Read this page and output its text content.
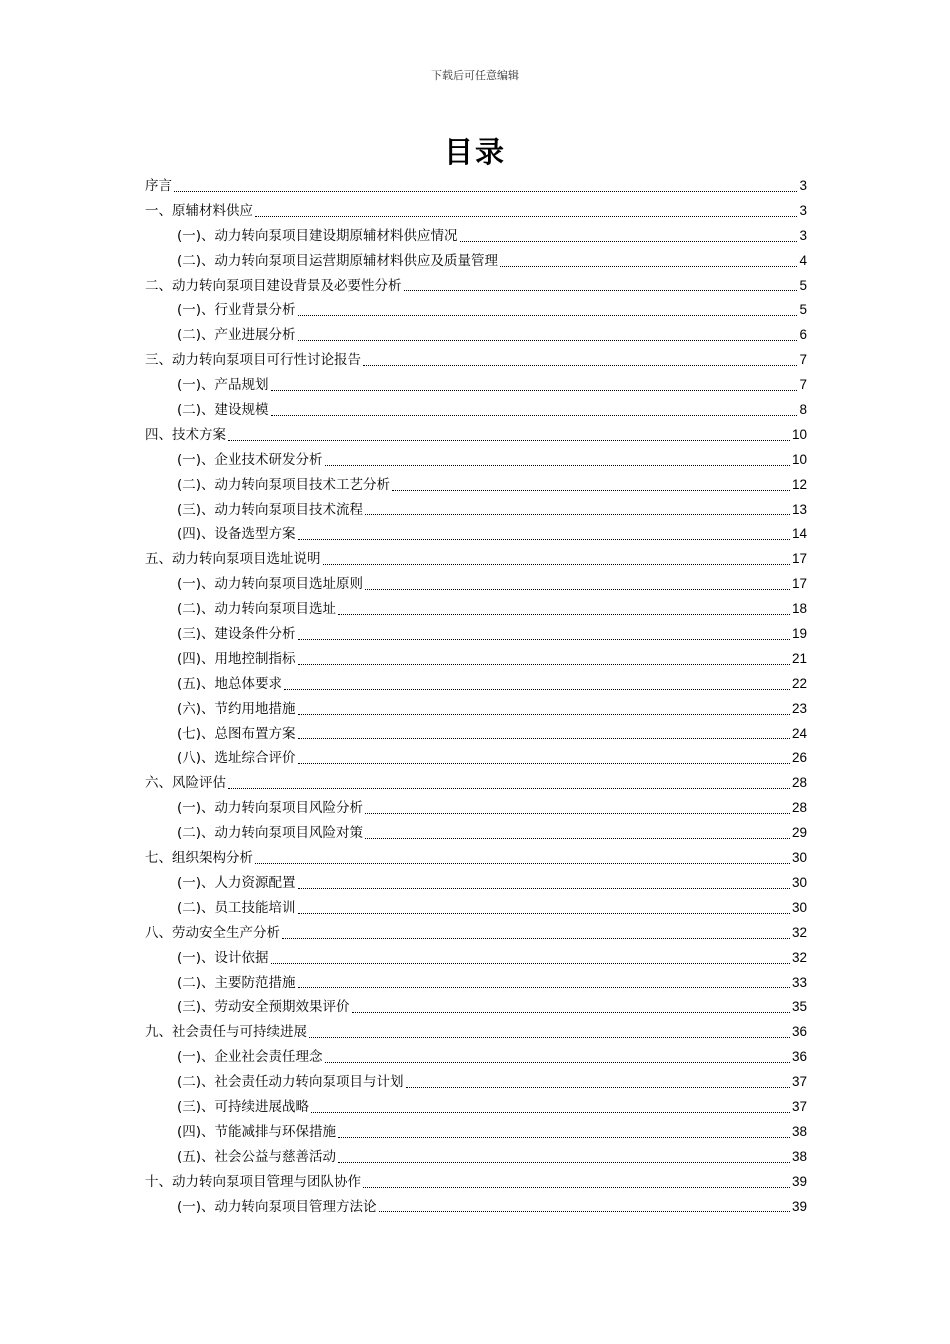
下载后可任意编辑
目录
序言	3
一、原辅材料供应	3
(一)、动力转向泵项目建设期原辅材料供应情况	3
(二)、动力转向泵项目运营期原辅材料供应及质量管理	4
二、动力转向泵项目建设背景及必要性分析	5
(一)、行业背景分析	5
(二)、产业进展分析	6
三、动力转向泵项目可行性讨论报告	7
(一)、产品规划	7
(二)、建设规模	8
四、技术方案	10
(一)、企业技术研发分析	10
(二)、动力转向泵项目技术工艺分析	12
(三)、动力转向泵项目技术流程	13
(四)、设备选型方案	14
五、动力转向泵项目选址说明	17
(一)、动力转向泵项目选址原则	17
(二)、动力转向泵项目选址	18
(三)、建设条件分析	19
(四)、用地控制指标	21
(五)、地总体要求	22
(六)、节约用地措施	23
(七)、总图布置方案	24
(八)、选址综合评价	26
六、风险评估	28
(一)、动力转向泵项目风险分析	28
(二)、动力转向泵项目风险对策	29
七、组织架构分析	30
(一)、人力资源配置	30
(二)、员工技能培训	30
八、劳动安全生产分析	32
(一)、设计依据	32
(二)、主要防范措施	33
(三)、劳动安全预期效果评价	35
九、社会责任与可持续进展	36
(一)、企业社会责任理念	36
(二)、社会责任动力转向泵项目与计划	37
(三)、可持续进展战略	37
(四)、节能减排与环保措施	38
(五)、社会公益与慈善活动	38
十、动力转向泵项目管理与团队协作	39
(一)、动力转向泵项目管理方法论	39
